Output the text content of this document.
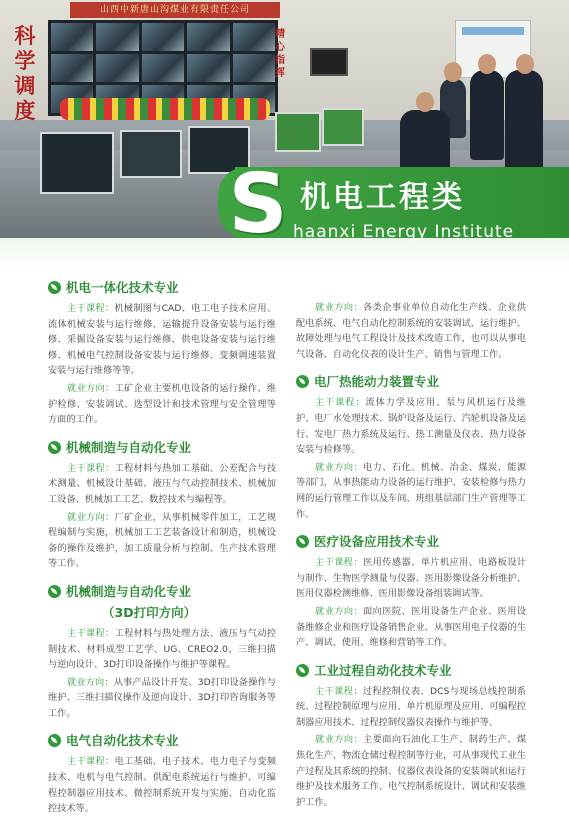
山西中新唐山沟煤业有限责任公司
科学调度
精心指挥
S 机电工程类
haanxi Energy Institute
机电一体化技术专业

主干课程：机械制图与CAD、电工电子技术应用、流体机械安装与运行维修、运输提升设备安装与运行维修、采掘设备安装与运行维修、供电设备安装与运行维修、机械电气控制设备安装与运行维修、变频调速装置安装与运行维修等等。

就业方向：工矿企业主要机电设备的运行操作、维护检修、安装调试、选型设计和技术管理与安全管理等方面的工作。

机械制造与自动化专业

主干课程：工程材料与热加工基础、公差配合与技术测量、机械设计基础、液压与气动控制技术、机械加工设备、机械加工工艺、数控技术与编程等。

就业方向：厂矿企业，从事机械零件加工，工艺规程编制与实施，机械加工工艺装备设计和制造，机械设备的操作及维护，加工质量分析与控制、生产技术管理等工作。

机械制造与自动化专业
（3D打印方向）

主干课程：工程材料与热处理方法、液压与气动控制技术、材料成型工艺学、UG、CREO2.0、三维扫描与逆向设计、3D打印设备操作与维护等课程。

就业方向：从事产品设计开发、3D打印设备操作与维护、三维扫描仪操作及逆向设计、3D打印咨询服务等工作。

电气自动化技术专业

主干课程：电工基础、电子技术、电力电子与变频技术、电机与电气控制、供配电系统运行与维护、可编程控制器应用技术、微控制系统开发与实施、自动化监控技术等。

就业方向：各类企事业单位自动化生产线、企业供配电系统、电气自动化控制系统的安装调试、运行维护、故障处理与电气工程设计及技术改造工作，也可以从事电气设备、自动化仪表的设计生产、销售与管理工作。

电厂热能动力装置专业

主干课程：流体力学及应用、泵与风机运行及维护、电厂水处理技术、锅炉设备及运行、汽轮机设备及运行、发电厂热力系统及运行、热工测量及仪表、热力设备安装与检修等。

就业方向：电力、石化、机械、冶金、煤炭、能源等部门，从事热能动力设备的运行维护、安装检修与热力网的运行管理工作以及车间、班组基层部门生产管理等工作。

医疗设备应用技术专业

主干课程：医用传感器、单片机应用、电路板设计与制作、生物医学测量与仪器、医用影像设备分析维护、医用仪器检测维修、医用影像设备组装调试等。

就业方向：面向医院、医用设备生产企业、医用设备维修企业和医疗设备销售企业。从事医用电子仪器的生产、调试、使用、维修和营销等工作。

工业过程自动化技术专业

主干课程：过程控制仪表、DCS与现场总线控制系统、过程控制原理与应用、单片机原理及应用、可编程控制器应用技术、过程控制仪器仪表操作与维护等。

就业方向：主要面向石油化工生产、制药生产、煤焦化生产、物流仓储过程控制等行业，可从事现代工业生产过程及其系统的控制、仪器仪表设备的安装调试和运行维护及技术服务工作、电气控制系统设计、调试和安装维护工作。
